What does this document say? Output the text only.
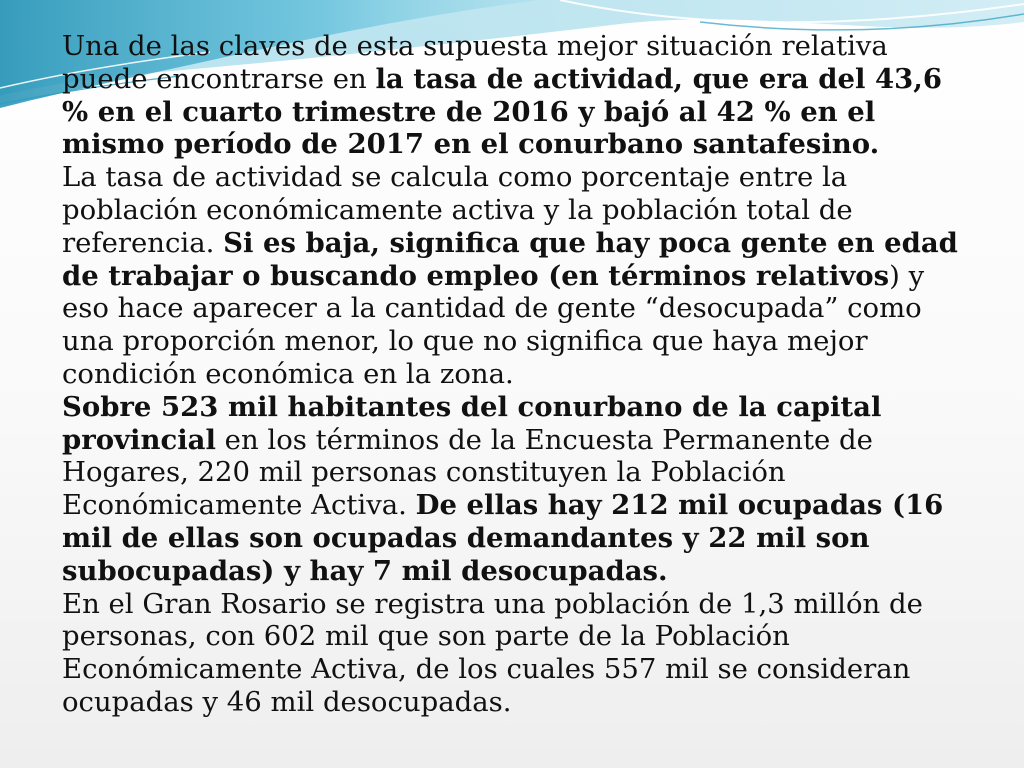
Una de las claves de esta supuesta mejor situación relativa puede encontrarse en la tasa de actividad, que era del 43,6 % en el cuarto trimestre de 2016 y bajó al 42 % en el mismo período de 2017 en el conurbano santafesino.

La tasa de actividad se calcula como porcentaje entre la población económicamente activa y la población total de referencia. Si es baja, significa que hay poca gente en edad de trabajar o buscando empleo (en términos relativos) y eso hace aparecer a la cantidad de gente “desocupada” como una proporción menor, lo que no significa que haya mejor condición económica en la zona.

Sobre 523 mil habitantes del conurbano de la capital provincial en los términos de la Encuesta Permanente de Hogares, 220 mil personas constituyen la Población Económicamente Activa. De ellas hay 212 mil ocupadas (16 mil de ellas son ocupadas demandantes y 22 mil son subocupadas) y hay 7 mil desocupadas.

En el Gran Rosario se registra una población de 1,3 millón de personas, con 602 mil que son parte de la Población Económicamente Activa, de los cuales 557 mil se consideran ocupadas y 46 mil desocupadas.
